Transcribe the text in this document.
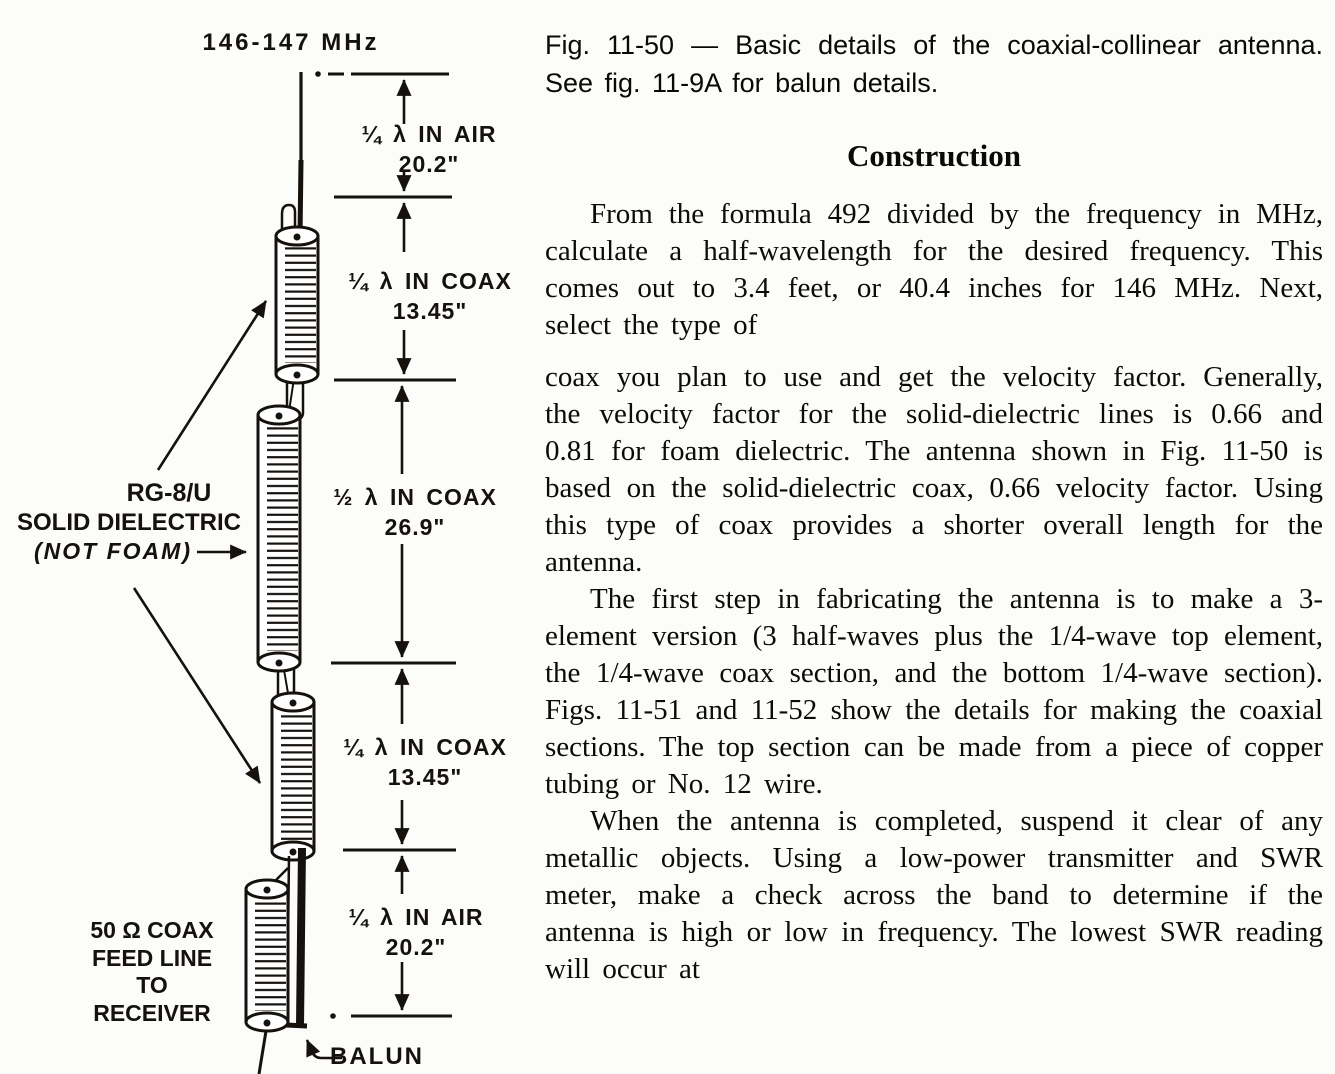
146-147 MHz
¼ λ IN AIR
20.2"
¼ λ IN COAX
13.45"
½ λ IN COAX
26.9"
¼ λ IN COAX
13.45"
¼ λ IN AIR
20.2"
RG-8/U
SOLID DIELECTRIC
(NOT FOAM)
50 Ω COAX
FEED LINE
TO
RECEIVER
BALUN

Fig. 11-50 — Basic details of the coaxial-collinear antenna. See fig. 11-9A for balun details.

Construction

From the formula 492 divided by the frequency in MHz, calculate a half-wavelength for the desired frequency. This comes out to 3.4 feet, or 40.4 inches for 146 MHz. Next, select the type of

coax you plan to use and get the velocity factor. Generally, the velocity factor for the solid-dielectric lines is 0.66 and 0.81 for foam dielectric. The antenna shown in Fig. 11-50 is based on the solid-dielectric coax, 0.66 velocity factor. Using this type of coax provides a shorter overall length for the antenna.

The first step in fabricating the antenna is to make a 3-element version (3 half-waves plus the 1/4-wave top element, the 1/4-wave coax section, and the bottom 1/4-wave section). Figs. 11-51 and 11-52 show the details for making the coaxial sections. The top section can be made from a piece of copper tubing or No. 12 wire.

When the antenna is completed, suspend it clear of any metallic objects. Using a low-power transmitter and SWR meter, make a check across the band to determine if the antenna is high or low in frequency. The lowest SWR reading will occur at
